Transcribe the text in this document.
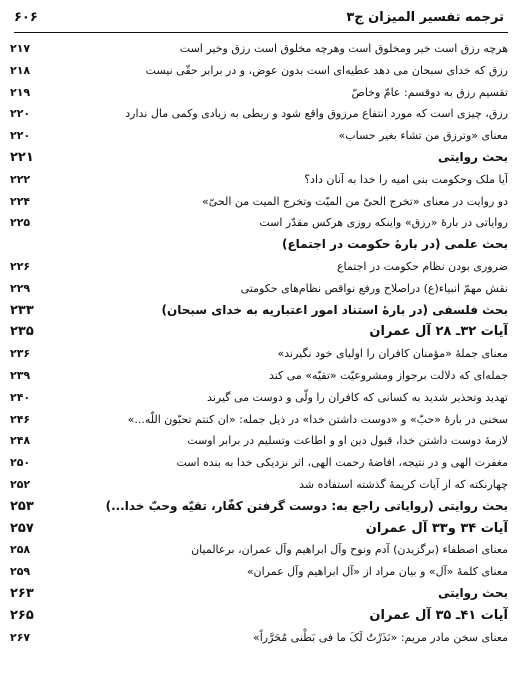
ترجمه تفسیر المیزان ج۳
۶۰۶
هرچه رزق است خیر ومخلوق است وهرچه مخلوق است رزق وخیر است
۲۱۷
رزق که خدای سبحان می دهد عطیه‌ای است بدون عوض، و در برابر حقّی نیست
۲۱۸
تقسیم رزق به دوقسم: عامّ وخاصّ
۲۱۹
رزق، چیزی است که مورد انتفاع مرزوق واقع شود و ربطی به زیادی وکمی مال ندارد
۲۲۰
معنای «وترزق من تشاء بغیر حساب»
۲۲۰
بحث روایتی
۲۲۱
آیا ملک وحکومت بنی امیه را خدا به آنان داد؟
۲۲۲
دو روایت در معنای «تخرج الحیّ من المیّت وتخرج المیت من الحیّ»
۲۲۴
روایاتی در بارۀ «رزق» واینکه روزی هرکس مقدّر است
۲۲۵
بحث علمی (در بارۀ حکومت در اجتماع)
ضروری بودن نظام حکومت در اجتماع
۲۲۶
نقش مهمّ انبیاء(ع) دراصلاح ورفع نواقص نظام‌های حکومتی
۲۲۹
بحث فلسفی (در بارۀ استناد امور اعتباریه به خدای سبحان)
۲۳۳
آیات ۳۲ـ ۲۸ آل عمران
۲۳۵
معنای جملۀ «مؤمنان کافران را اولیای خود نگیرند»
۲۳۶
جمله‌ای که دلالت برجواز ومشروعیّت «تقیّه» می کند
۲۳۹
تهدید وتحذیر شدید به کسانی که کافران را ولّی و دوست می گیرند
۲۴۰
سخنی در بارۀ «حبّ» و «دوست داشتن خدا» در ذیل جمله: «ان کنتم تحبّون اللّه...»
۲۴۶
لازمۀ دوست داشتن خدا، قبول دین او و اطاعت وتسلیم در برابر اوست
۲۴۸
مغفرت الهی و در نتیجه، افاضۀ رحمت الهی، اثر نزدیکی خدا به بنده است
۲۵۰
چهارنکته که از آیات کریمۀ گذشته استفاده شد
۲۵۲
بحث روایتی (روایاتی راجع به: دوست گرفتن کفّار، تقیّه وحبّ خدا...)
۲۵۳
آیات ۳۴ و۳۳ آل عمران
۲۵۷
معنای اصطفاء (برگزیدن) آدم ونوح وآل ابراهیم وآل عمران، برعالمیان
۲۵۸
معنای کلمۀ «آل» و بیان مراد از «آل ابراهیم وآل عمران»
۲۵۹
بحث روایتی
۲۶۳
آیات ۴۱ـ ۳۵ آل عمران
۲۶۵
معنای سخن مادر مریم: «نَذَرْتُ لَکَ ما فی بَطْنی مُحَرَّراً»
۲۶۷
